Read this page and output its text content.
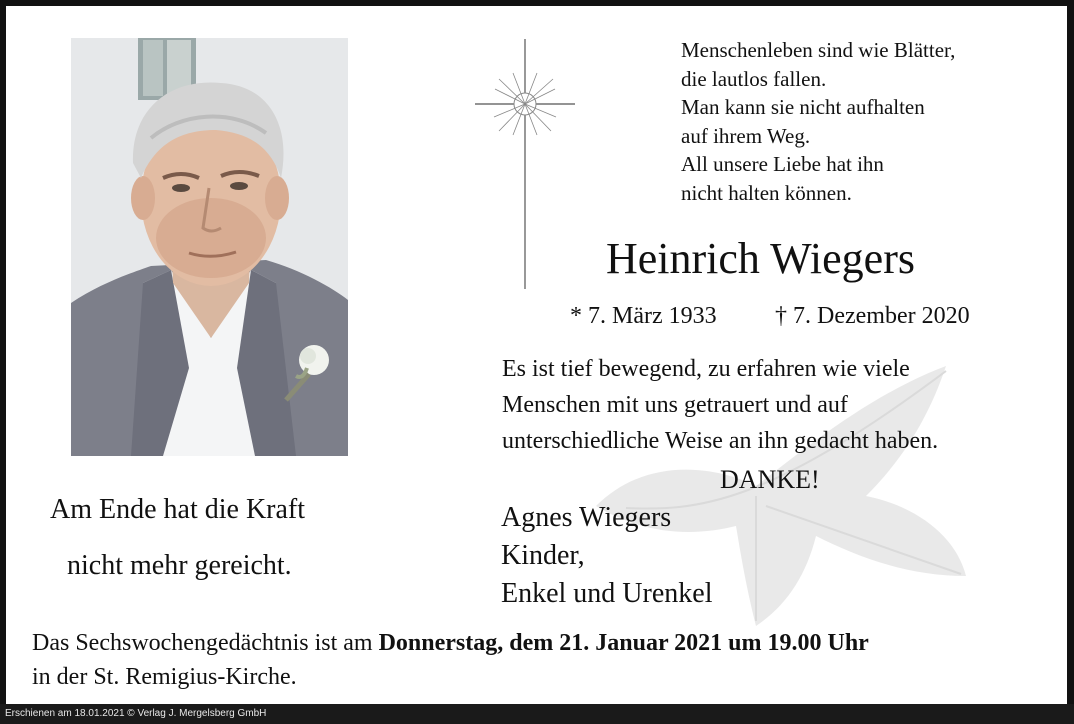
Menschenleben sind wie Blätter,
die lautlos fallen.
Man kann sie nicht aufhalten
auf ihrem Weg.
All unsere Liebe hat ihn
nicht halten können.
Heinrich Wiegers
* 7. März 1933 † 7. Dezember 2020
Es ist tief bewegend, zu erfahren wie viele
Menschen mit uns getrauert und auf
unterschiedliche Weise an ihn gedacht haben.
DANKE!
Agnes Wiegers
Kinder,
Enkel und Urenkel
Am Ende hat die Kraft
nicht mehr gereicht.
Das Sechswochengedächtnis ist am Donnerstag, dem 21. Januar 2021 um 19.00 Uhr
in der St. Remigius-Kirche.
Erschienen am 18.01.2021 © Verlag J. Mergelsberg GmbH
